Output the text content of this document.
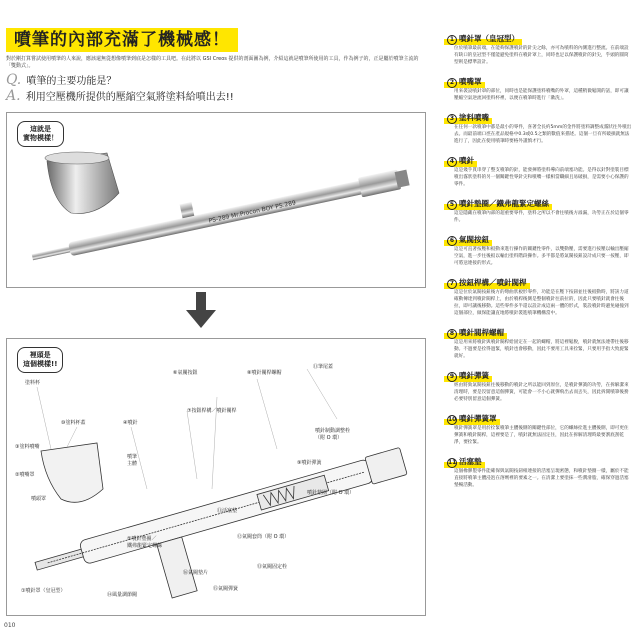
噴筆的內部充滿了機械感！
對於剛打算嘗試使用噴筆的人來說，應該還無從想像噴筆到底是怎樣的工具吧。在此將以 GSI Creos 提供的剖面圖為例，介紹這就是噴筆所使用的工具，作為例子的，正是屬於噴筆主流的「雙動式」。
Q. 噴筆的主要功能是？
A. 利用空壓機所提供的壓縮空氣將塗料給噴出去!!
這就是
實物模樣！
PS-289 Mr.Procon BOY PS.289
裡頭是
這個模樣!!
塗料杯
⑩塗料杯蓋
③塗料噴嘴
②噴嘴罩
噴頭罩
①噴針罩（皇冠型）
④噴針
噴筆
主體
⑥氣閥按鈕
⑦按鈕桿構／噴針閥桿
⑧噴針閥桿螺帽
⑪筆尾蓋
噴針制動調整栓
（附 O 環）
⑨噴針彈簧
⑪活塞墊
⑫氣閥套筒（附 O 環）
⑤噴針墊圈／
鐵弗龍緊定螺絲
⑬氣閥固定栓
⑭風量調節閥
⑮氣閥彈簧
噴針墊圈（附 O 環）
⑯氣閥墊片
1 噴針罩（皇冠型）
位於噴筆最前端，在能夠保護噴針的針尖之餘，亦可為噴料的內側進行整流。在前端設有缺口的皇冠型不僅能避免塗料在噴針罩上，同時也足以保護噴針的針尖，乎頭的圓筒型則是標準設計。
2 噴嘴罩
用來裝設噴針罩的部位，同時也是能保護塗料噴嘴的外罩，這種稍微鬆開的話，即可讓壓縮空氣逆流回塗料杯裡，以便在噴筆時進行「漱洗」。
3 塗料噴嘴
在任何一款噴筆中都是最小的零件，喜著全長約5mm的金件將塗料調整成霧狀往外噴出去。而最前端口徑在產品規格中0.3或0.5之類的數值來描述。這個一旦有所破損就無法進行了，因此在使用噴筆時要格外謹慎才行。
4 噴針
這是幾乎貫串穿了整支噴筆的針，能發揮將塗料導向前端塞功能。是得以針對塗裝目標噴出霧狀塗料的另一個關鍵性零針尖和噴嘴一樣相當纖細且易破損，是需要小心保護的零件。
5 噴針墊圈／鐵弗龍緊定螺絲
這是隱藏在噴筆內部的超重要零件，塗料之所以不會往噴後方溢漏，功勞正在於這個零件。
6 氣閥按鈕
這是可直著按壓和扳動來進行操作的關鍵性零件，以雙動壓，需要進行按壓以輸出壓縮空氣，進一步往後扳以輸出塗料階段操作。多半都是將氣閥按鈕設計成只要一按壓，即可將送連接的形式。
7 按鈕桿構／噴針閥桿
這是位於氣閥按鈕後方的彎曲狀板形零件，功能是在壓下按鈕並往後扳動時，將該力道確動傳達到噴針閥桿上，由於噴桿後側是整個噴針往前拉的，因此只要噴針就會往後拉，即可讓後移動。這些零件多半還以設計成這兩一體的形式，裝設噴針時避免碰撞到這個部位，做保能讓直地將噴針裝進噴筆機構當中。
8 噴針閥桿螺帽
這是用來將噴針與噴針閥桿給固定在一起的螺帽，將這裡鬆脫，噴針就無法連帶往後移動。不過要是拴得過緊，噴針也會移動，因此不要用工具來拴緊，只要用手指大致旋緊就好。
9 噴針彈簧
經由將勁氣閥按鈕往後移動的噴針之所以能回到原位，是噴針彈簧的功勞，在拆解潔來清理時，要是沒留意這個彈簧，可能會一不小心就彈飛出去而丟失，因此拆開噴筆後務必要特別留意這個彈簧。
10 噴針彈簧罩
噴針彈簧罩是用於拴緊噴筆主體後側的關鍵性部位，它的螺絲拴進主體後側，即可更住彈簧和噴針閥桿，這裡要是了，噴針就無法固定住，因此在拆解清理時最要割底刮乾淨，要拴緊。
11 活塞墊
這個橡膠製零件能確保與氣閥按鈕相連接的活塞呈現密態，和噴針墊圈一樣，屬於不能直接將噴筆主體浸泡在溶劑裡的要素之一。在清潔上要塗抹一些潤滑脂，確保穿過活塞墊暢活動。
010
